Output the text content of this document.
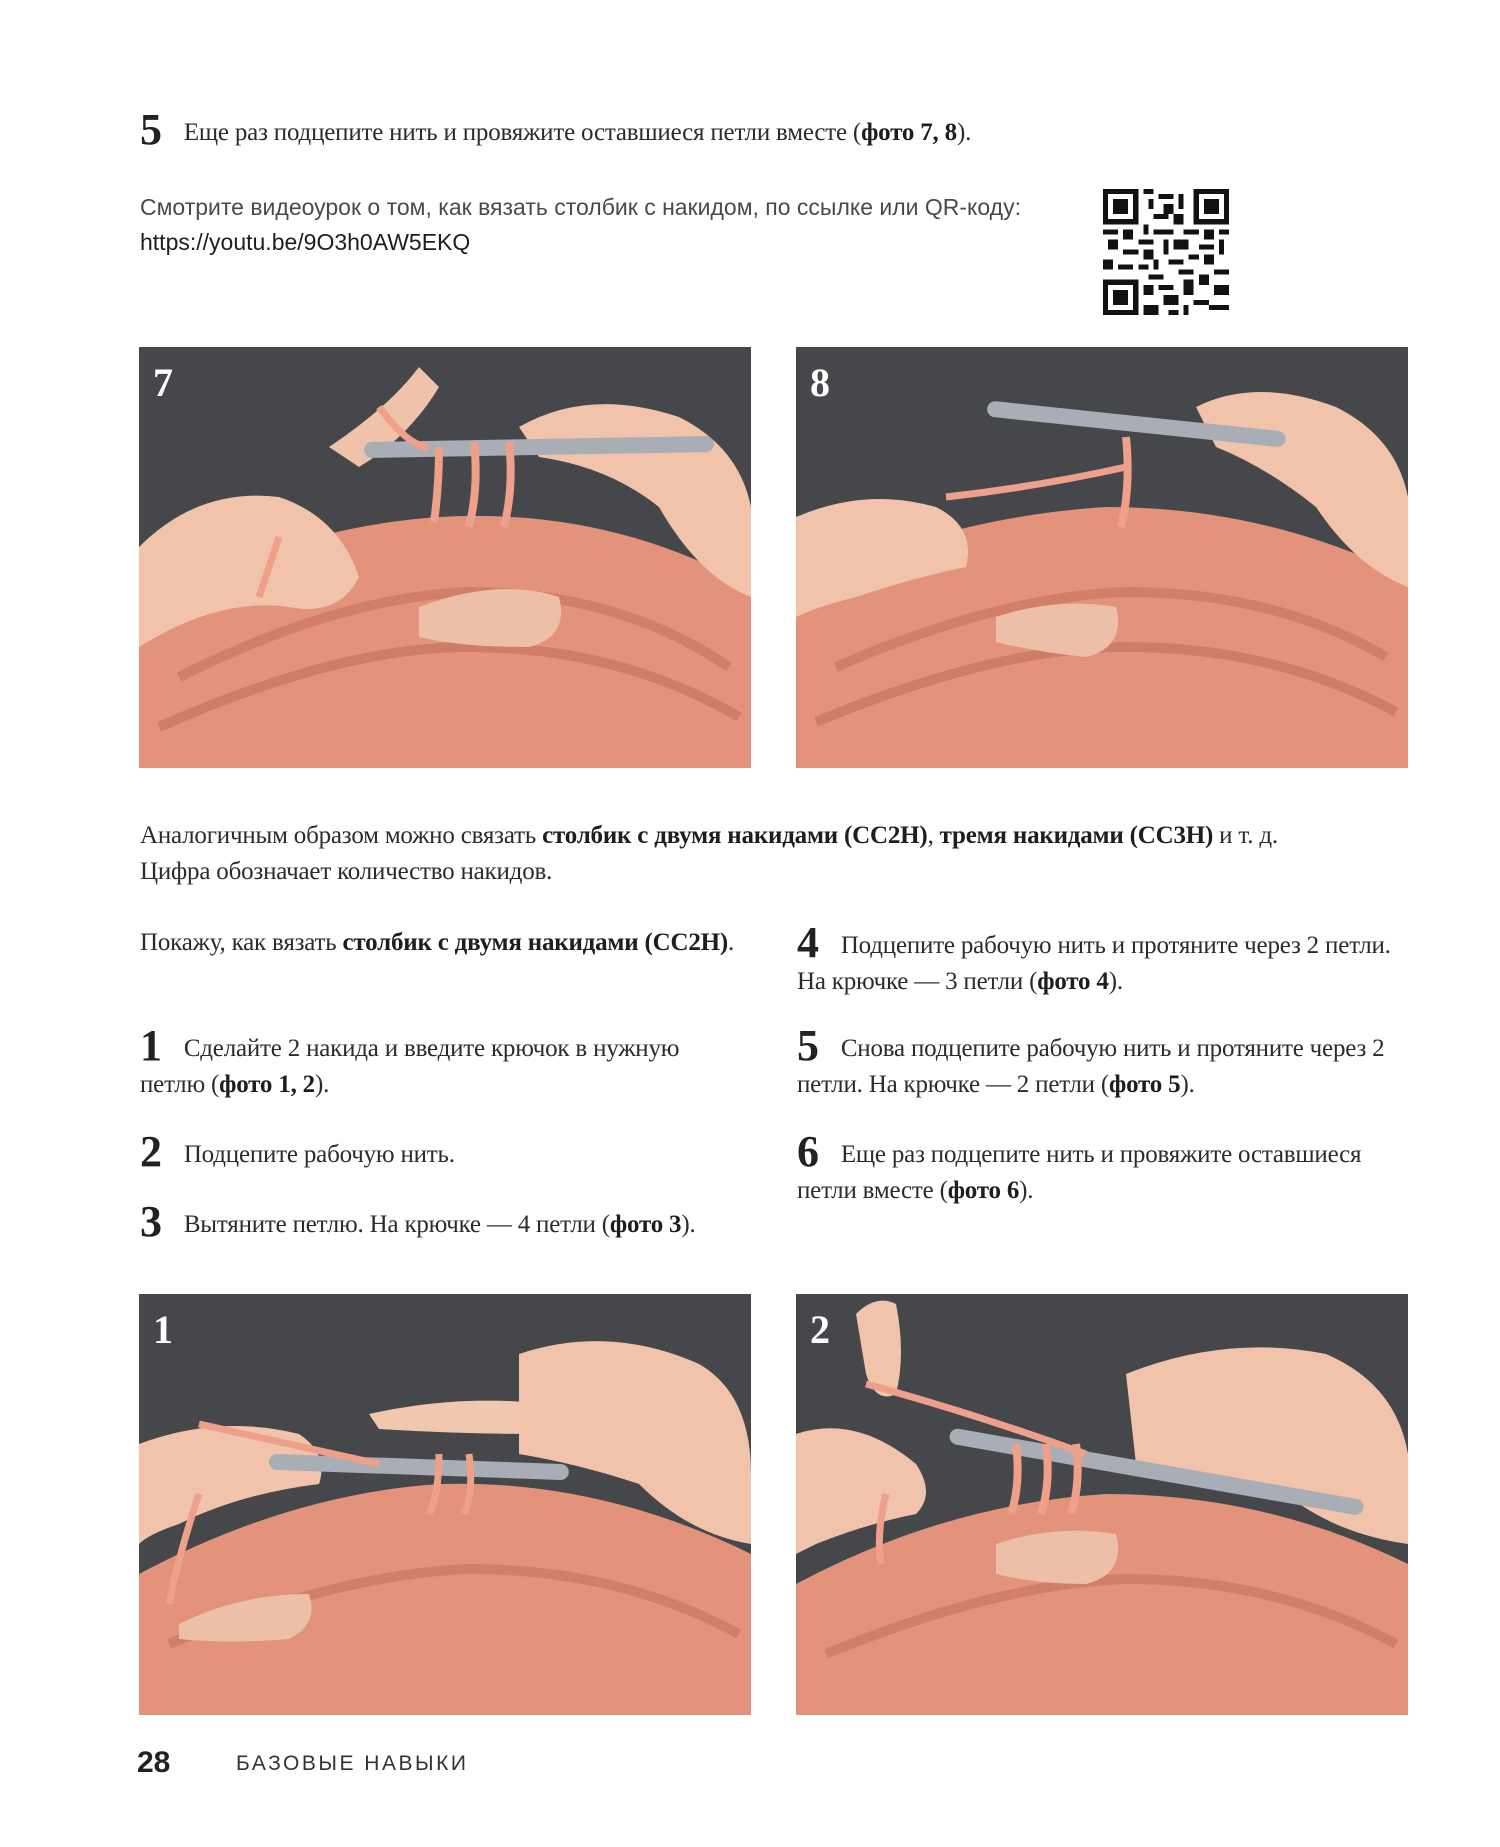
5 Еще раз подцепите нить и провяжите оставшиеся петли вместе (фото 7, 8).
Смотрите видеоурок о том, как вязать столбик с накидом, по ссылке или QR-коду:
https://youtu.be/9O3h0AW5EKQ
7	8
Аналогичным образом можно связать столбик с двумя накидами (СС2Н), тремя накидами (СС3Н) и т. д.
Цифра обозначает количество накидов.
Покажу, как вязать столбик с двумя накидами (СС2Н).
1 Сделайте 2 накида и введите крючок в нужную петлю (фото 1, 2).
2 Подцепите рабочую нить.
3 Вытяните петлю. На крючке — 4 петли (фото 3).
4 Подцепите рабочую нить и протяните через 2 петли. На крючке — 3 петли (фото 4).
5 Снова подцепите рабочую нить и протяните через 2 петли. На крючке — 2 петли (фото 5).
6 Еще раз подцепите нить и провяжите оставшиеся петли вместе (фото 6).
1	2
28	БАЗОВЫЕ НАВЫКИ
